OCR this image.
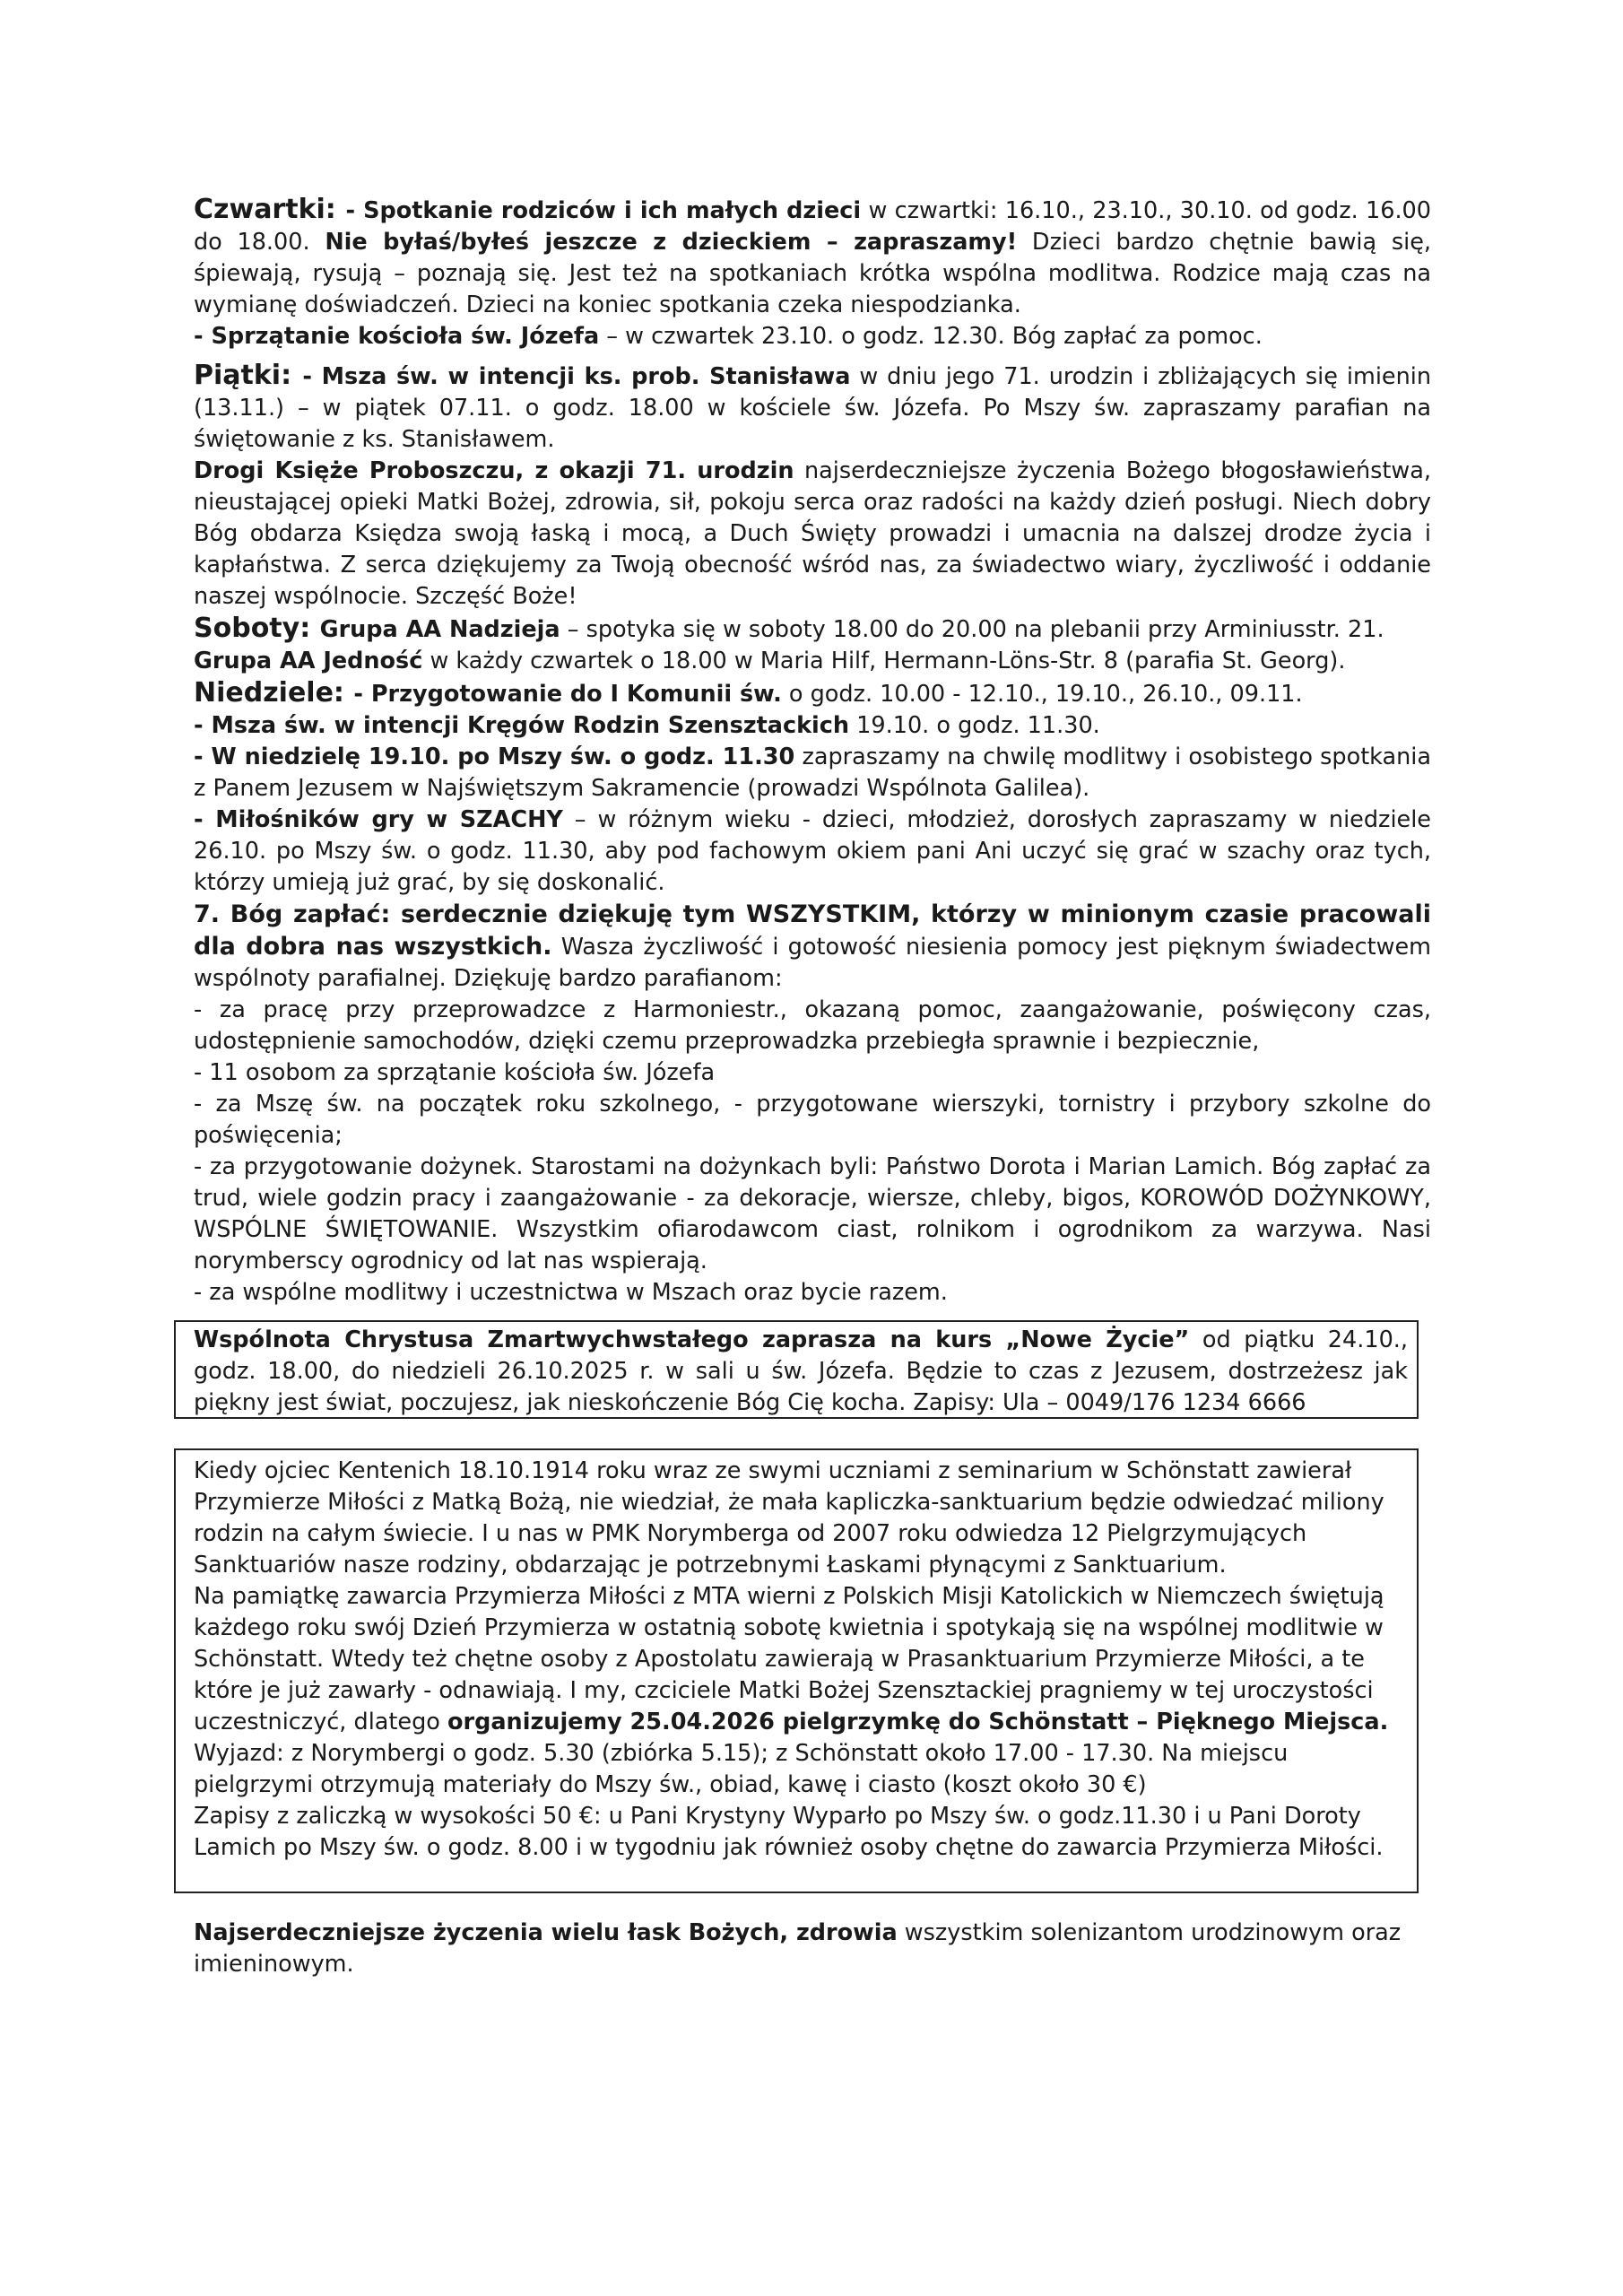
Czwartki: - Spotkanie rodziców i ich małych dzieci w czwartki: 16.10., 23.10., 30.10. od godz. 16.00 do 18.00. Nie byłaś/byłeś jeszcze z dzieckiem – zapraszamy! Dzieci bardzo chętnie bawią się, śpiewają, rysują – poznają się. Jest też na spotkaniach krótka wspólna modlitwa. Rodzice mają czas na wymianę doświadczeń. Dzieci na koniec spotkania czeka niespodzianka.

- Sprzątanie kościoła św. Józefa – w czwartek 23.10. o godz. 12.30. Bóg zapłać za pomoc.

Piątki: - Msza św. w intencji ks. prob. Stanisława w dniu jego 71. urodzin i zbliżających się imienin (13.11.) – w piątek 07.11. o godz. 18.00 w kościele św. Józefa. Po Mszy św. zapraszamy parafian na świętowanie z ks. Stanisławem.

Drogi Księże Proboszczu, z okazji 71. urodzin najserdeczniejsze życzenia Bożego błogosławieństwa, nieustającej opieki Matki Bożej, zdrowia, sił, pokoju serca oraz radości na każdy dzień posługi. Niech dobry Bóg obdarza Księdza swoją łaską i mocą, a Duch Święty prowadzi i umacnia na dalszej drodze życia i kapłaństwa. Z serca dziękujemy za Twoją obecność wśród nas, za świadectwo wiary, życzliwość i oddanie naszej wspólnocie. Szczęść Boże!

Soboty: Grupa AA Nadzieja – spotyka się w soboty 18.00 do 20.00 na plebanii przy Arminiusstr. 21.

Grupa AA Jedność w każdy czwartek o 18.00 w Maria Hilf, Hermann-Löns-Str. 8 (parafia St. Georg).

Niedziele: - Przygotowanie do I Komunii św. o godz. 10.00 - 12.10., 19.10., 26.10., 09.11.

- Msza św. w intencji Kręgów Rodzin Szensztackich 19.10. o godz. 11.30.

- W niedzielę 19.10. po Mszy św. o godz. 11.30 zapraszamy na chwilę modlitwy i osobistego spotkania z Panem Jezusem w Najświętszym Sakramencie (prowadzi Wspólnota Galilea).

- Miłośników gry w SZACHY – w różnym wieku - dzieci, młodzież, dorosłych zapraszamy w niedziele 26.10. po Mszy św. o godz. 11.30, aby pod fachowym okiem pani Ani uczyć się grać w szachy oraz tych, którzy umieją już grać, by się doskonalić.

7. Bóg zapłać: serdecznie dziękuję tym WSZYSTKIM, którzy w minionym czasie pracowali dla dobra nas wszystkich. Wasza życzliwość i gotowość niesienia pomocy jest pięknym świadectwem wspólnoty parafialnej. Dziękuję bardzo parafianom:

- za pracę przy przeprowadzce z Harmoniestr., okazaną pomoc, zaangażowanie, poświęcony czas, udostępnienie samochodów, dzięki czemu przeprowadzka przebiegła sprawnie i bezpiecznie,

- 11 osobom za sprzątanie kościoła św. Józefa

- za Mszę św. na początek roku szkolnego, - przygotowane wierszyki, tornistry i przybory szkolne do poświęcenia;

- za przygotowanie dożynek. Starostami na dożynkach byli: Państwo Dorota i Marian Lamich. Bóg zapłać za trud, wiele godzin pracy i zaangażowanie - za dekoracje, wiersze, chleby, bigos, KOROWÓD DOŻYNKOWY, WSPÓLNE ŚWIĘTOWANIE. Wszystkim ofiarodawcom ciast, rolnikom i ogrodnikom za warzywa. Nasi norymberscy ogrodnicy od lat nas wspierają.

- za wspólne modlitwy i uczestnictwa w Mszach oraz bycie razem.

Wspólnota Chrystusa Zmartwychwstałego zaprasza na kurs „Nowe Życie” od piątku 24.10., godz. 18.00, do niedzieli 26.10.2025 r. w sali u św. Józefa. Będzie to czas z Jezusem, dostrzeżesz jak piękny jest świat, poczujesz, jak nieskończenie Bóg Cię kocha. Zapisy: Ula – 0049/176 1234 6666

Kiedy ojciec Kentenich 18.10.1914 roku wraz ze swymi uczniami z seminarium w Schönstatt zawierał Przymierze Miłości z Matką Bożą, nie wiedział, że mała kapliczka-sanktuarium będzie odwiedzać miliony rodzin na całym świecie. I u nas w PMK Norymberga od 2007 roku odwiedza 12 Pielgrzymujących Sanktuariów nasze rodziny, obdarzając je potrzebnymi Łaskami płynącymi z Sanktuarium.

Na pamiątkę zawarcia Przymierza Miłości z MTA wierni z Polskich Misji Katolickich w Niemczech świętują każdego roku swój Dzień Przymierza w ostatnią sobotę kwietnia i spotykają się na wspólnej modlitwie w Schönstatt. Wtedy też chętne osoby z Apostolatu zawierają w Prasanktuarium Przymierze Miłości, a te które je już zawarły - odnawiają. I my, czciciele Matki Bożej Szensztackiej pragniemy w tej uroczystości uczestniczyć, dlatego organizujemy 25.04.2026 pielgrzymkę do Schönstatt – Pięknego Miejsca. Wyjazd: z Norymbergi o godz. 5.30 (zbiórka 5.15); z Schönstatt około 17.00 - 17.30. Na miejscu pielgrzymi otrzymują materiały do Mszy św., obiad, kawę i ciasto (koszt około 30 €)

Zapisy z zaliczką w wysokości 50 €: u Pani Krystyny Wyparło po Mszy św. o godz.11.30 i u Pani Doroty Lamich po Mszy św. o godz. 8.00 i w tygodniu jak również osoby chętne do zawarcia Przymierza Miłości.

Najserdeczniejsze życzenia wielu łask Bożych, zdrowia wszystkim solenizantom urodzinowym oraz imieninowym.
